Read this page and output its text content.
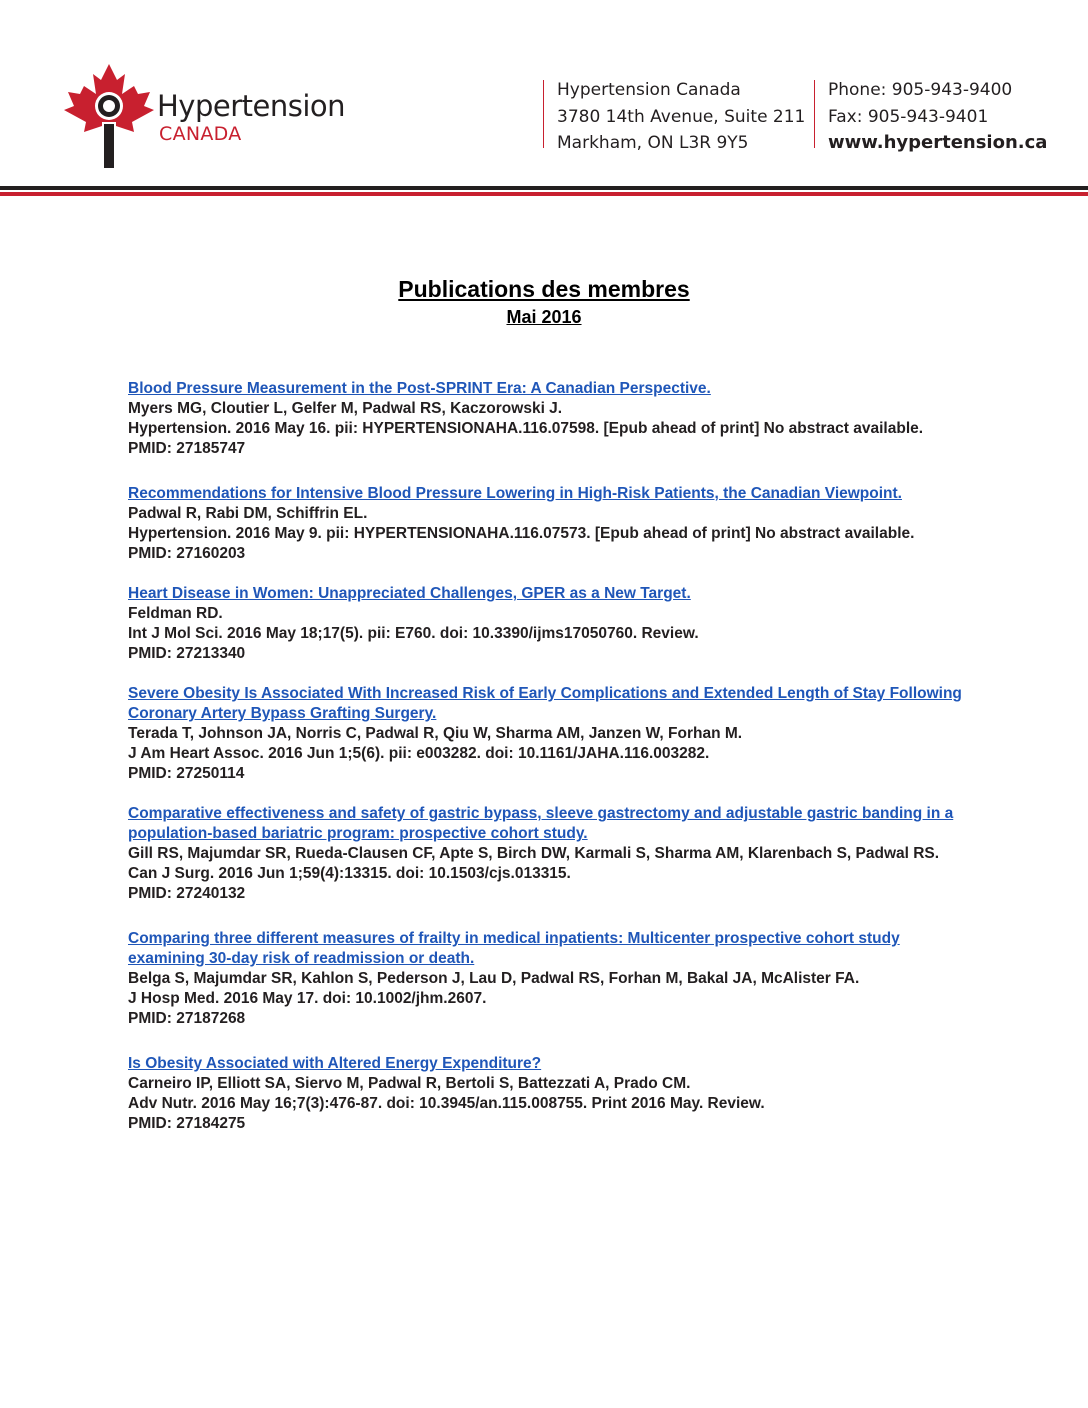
Hypertension
CANADA
Hypertension Canada
3780 14th Avenue, Suite 211
Markham, ON L3R 9Y5
Phone: 905-943-9400
Fax: 905-943-9401
www.hypertension.ca
Publications des membres
Mai 2016
Blood Pressure Measurement in the Post-SPRINT Era: A Canadian Perspective.
Myers MG, Cloutier L, Gelfer M, Padwal RS, Kaczorowski J.
Hypertension. 2016 May 16. pii: HYPERTENSIONAHA.116.07598. [Epub ahead of print] No abstract available.
PMID: 27185747
Recommendations for Intensive Blood Pressure Lowering in High-Risk Patients, the Canadian Viewpoint.
Padwal R, Rabi DM, Schiffrin EL.
Hypertension. 2016 May 9. pii: HYPERTENSIONAHA.116.07573. [Epub ahead of print] No abstract available.
PMID: 27160203
Heart Disease in Women: Unappreciated Challenges, GPER as a New Target.
Feldman RD.
Int J Mol Sci. 2016 May 18;17(5). pii: E760. doi: 10.3390/ijms17050760. Review.
PMID: 27213340
Severe Obesity Is Associated With Increased Risk of Early Complications and Extended Length of Stay Following Coronary Artery Bypass Grafting Surgery.
Terada T, Johnson JA, Norris C, Padwal R, Qiu W, Sharma AM, Janzen W, Forhan M.
J Am Heart Assoc. 2016 Jun 1;5(6). pii: e003282. doi: 10.1161/JAHA.116.003282.
PMID: 27250114
Comparative effectiveness and safety of gastric bypass, sleeve gastrectomy and adjustable gastric banding in a population-based bariatric program: prospective cohort study.
Gill RS, Majumdar SR, Rueda-Clausen CF, Apte S, Birch DW, Karmali S, Sharma AM, Klarenbach S, Padwal RS.
Can J Surg. 2016 Jun 1;59(4):13315. doi: 10.1503/cjs.013315.
PMID: 27240132
Comparing three different measures of frailty in medical inpatients: Multicenter prospective cohort study examining 30-day risk of readmission or death.
Belga S, Majumdar SR, Kahlon S, Pederson J, Lau D, Padwal RS, Forhan M, Bakal JA, McAlister FA.
J Hosp Med. 2016 May 17. doi: 10.1002/jhm.2607.
PMID: 27187268
Is Obesity Associated with Altered Energy Expenditure?
Carneiro IP, Elliott SA, Siervo M, Padwal R, Bertoli S, Battezzati A, Prado CM.
Adv Nutr. 2016 May 16;7(3):476-87. doi: 10.3945/an.115.008755. Print 2016 May. Review.
PMID: 27184275
